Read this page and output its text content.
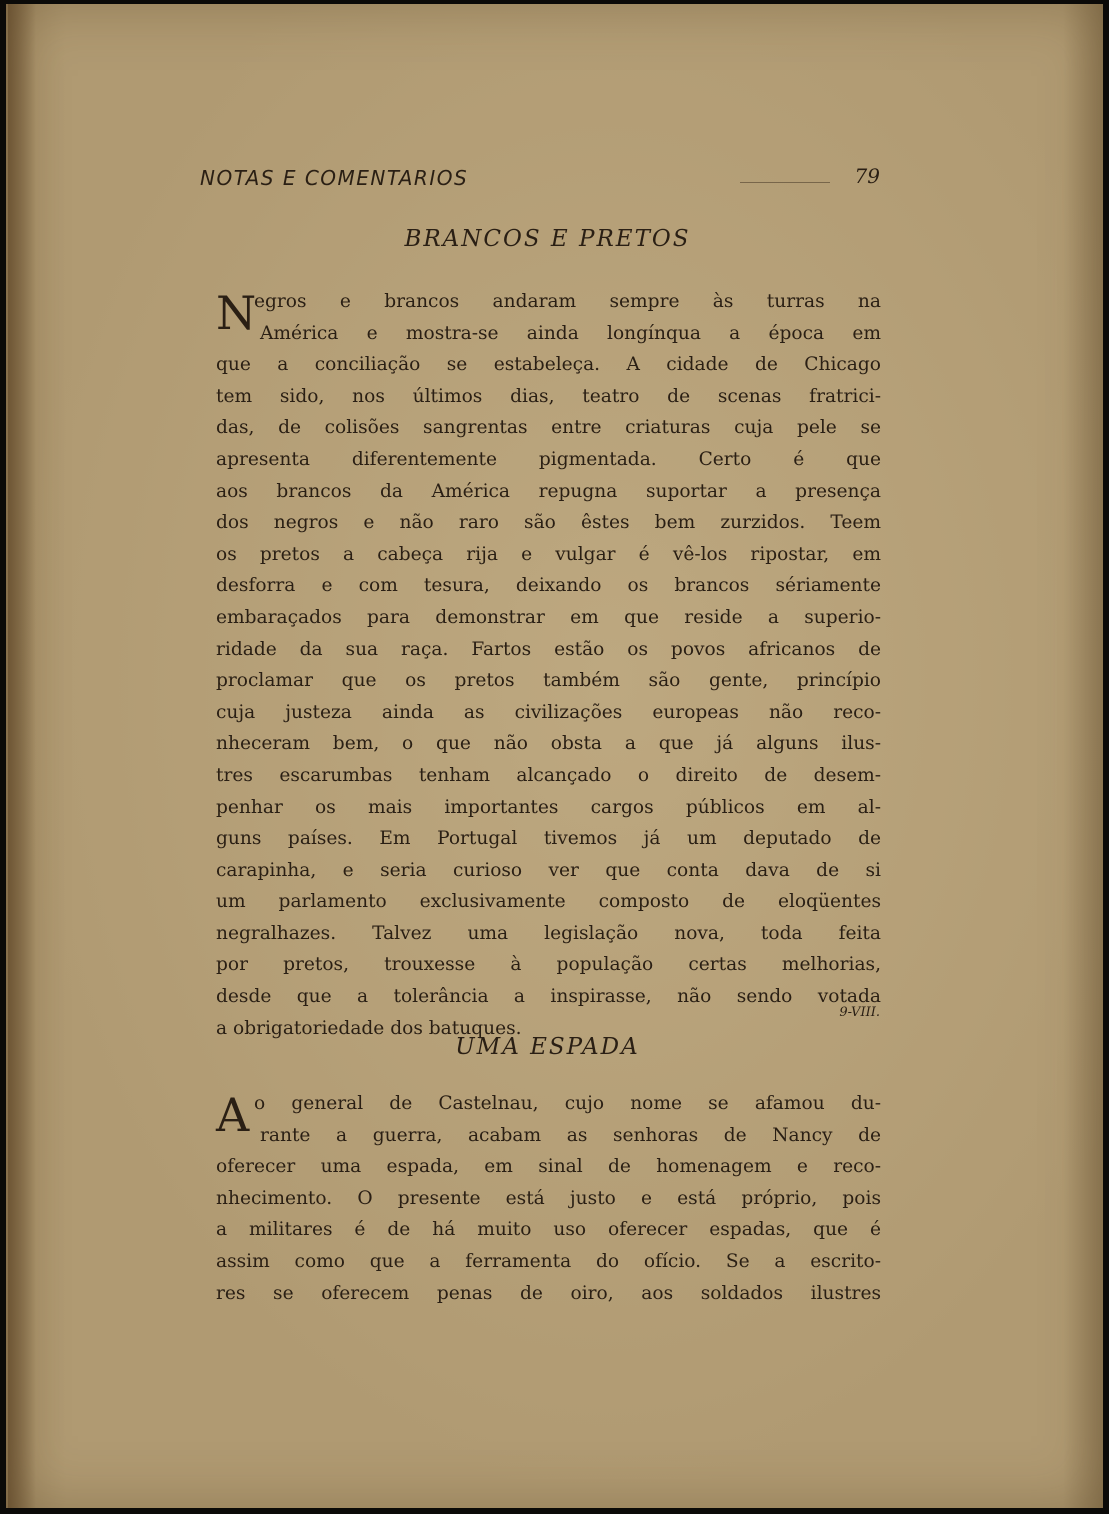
NOTAS E COMENTARIOS	79
BRANCOS E PRETOS
N
egros e brancos andaram sempre às turras na
América e mostra-se ainda longínqua a época em
que a conciliação se estabeleça. A cidade de Chicago
tem sido, nos últimos dias, teatro de scenas fratrici-
das, de colisões sangrentas entre criaturas cuja pele se
apresenta diferentemente pigmentada. Certo é que
aos brancos da América repugna suportar a presença
dos negros e não raro são êstes bem zurzidos. Teem
os pretos a cabeça rija e vulgar é vê-los ripostar, em
desforra e com tesura, deixando os brancos sériamente
embaraçados para demonstrar em que reside a superio-
ridade da sua raça. Fartos estão os povos africanos de
proclamar que os pretos também são gente, princípio
cuja justeza ainda as civilizações europeas não reco-
nheceram bem, o que não obsta a que já alguns ilus-
tres escarumbas tenham alcançado o direito de desem-
penhar os mais importantes cargos públicos em al-
guns países. Em Portugal tivemos já um deputado de
carapinha, e seria curioso ver que conta dava de si
um parlamento exclusivamente composto de eloqüentes
negralhazes. Talvez uma legislação nova, toda feita
por pretos, trouxesse à população certas melhorias,
desde que a tolerância a inspirasse, não sendo votada
a obrigatoriedade dos batuques.
9-VIII.
UMA ESPADA
A o general de Castelnau, cujo nome se afamou du-
rante a guerra, acabam as senhoras de Nancy de
oferecer uma espada, em sinal de homenagem e reco-
nhecimento. O presente está justo e está próprio, pois
a militares é de há muito uso oferecer espadas, que é
assim como que a ferramenta do ofício. Se a escrito-
res se oferecem penas de oiro, aos soldados ilustres
